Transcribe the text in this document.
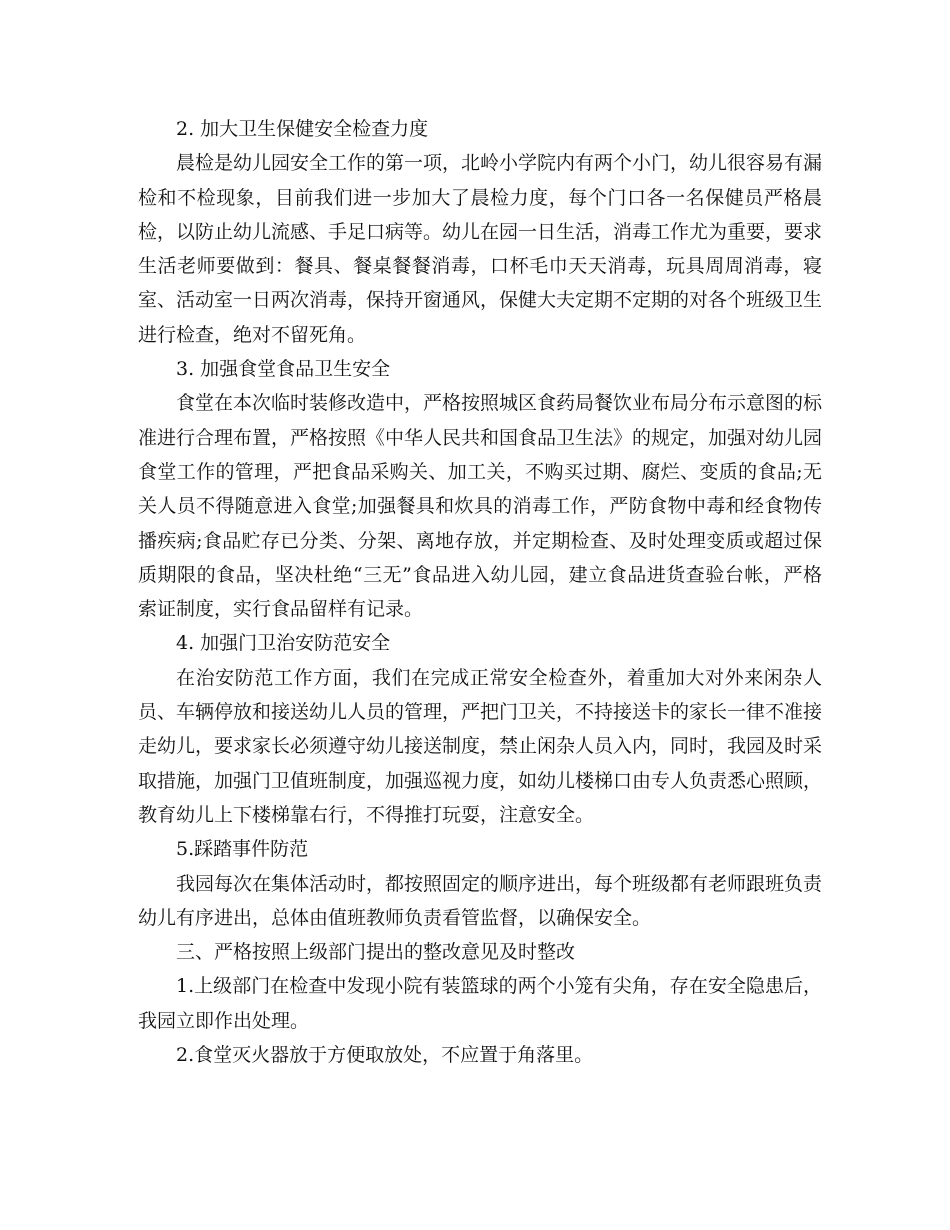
2. 加大卫生保健安全检查力度

晨检是幼儿园安全工作的第一项，北岭小学院内有两个小门，幼儿很容易有漏检和不检现象，目前我们进一步加大了晨检力度，每个门口各一名保健员严格晨检，以防止幼儿流感、手足口病等。幼儿在园一日生活，消毒工作尤为重要，要求生活老师要做到：餐具、餐桌餐餐消毒，口杯毛巾天天消毒，玩具周周消毒，寝室、活动室一日两次消毒，保持开窗通风，保健大夫定期不定期的对各个班级卫生进行检查，绝对不留死角。

3. 加强食堂食品卫生安全

食堂在本次临时装修改造中，严格按照城区食药局餐饮业布局分布示意图的标准进行合理布置，严格按照《中华人民共和国食品卫生法》的规定，加强对幼儿园食堂工作的管理，严把食品采购关、加工关，不购买过期、腐烂、变质的食品;无关人员不得随意进入食堂;加强餐具和炊具的消毒工作，严防食物中毒和经食物传播疾病;食品贮存已分类、分架、离地存放，并定期检查、及时处理变质或超过保质期限的食品，坚决杜绝“三无”食品进入幼儿园，建立食品进货查验台帐，严格索证制度，实行食品留样有记录。

4. 加强门卫治安防范安全

在治安防范工作方面，我们在完成正常安全检查外，着重加大对外来闲杂人员、车辆停放和接送幼儿人员的管理，严把门卫关，不持接送卡的家长一律不准接走幼儿，要求家长必须遵守幼儿接送制度，禁止闲杂人员入内，同时，我园及时采取措施，加强门卫值班制度，加强巡视力度，如幼儿楼梯口由专人负责悉心照顾，教育幼儿上下楼梯靠右行，不得推打玩耍，注意安全。

5.踩踏事件防范

我园每次在集体活动时，都按照固定的顺序进出，每个班级都有老师跟班负责幼儿有序进出，总体由值班教师负责看管监督，以确保安全。

三、严格按照上级部门提出的整改意见及时整改

1.上级部门在检查中发现小院有装篮球的两个小笼有尖角，存在安全隐患后，我园立即作出处理。

2.食堂灭火器放于方便取放处，不应置于角落里。
